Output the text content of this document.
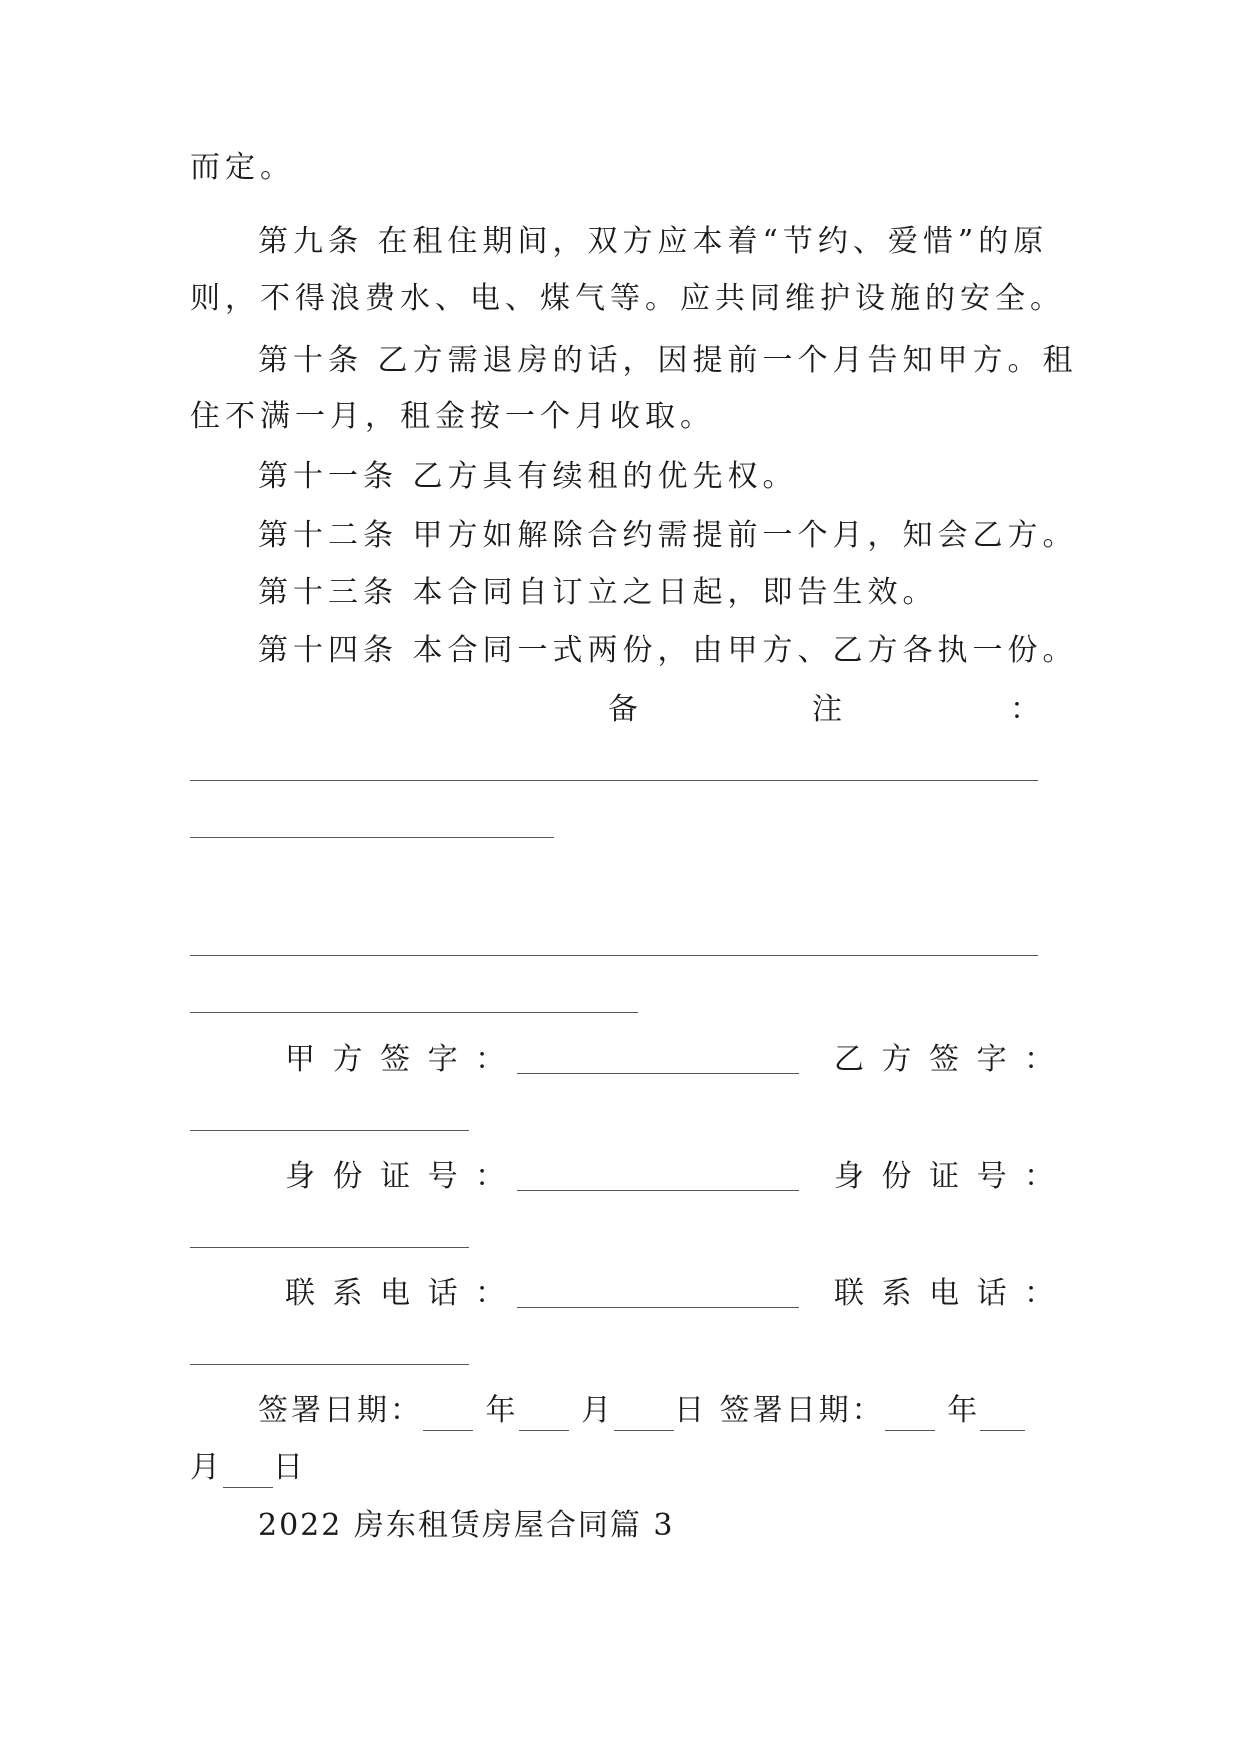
而定。
第九条 在租住期间，双方应本着“节约、爱惜”的原
则，不得浪费水、电、煤气等。应共同维护设施的安全。
第十条 乙方需退房的话，因提前一个月告知甲方。租
住不满一月，租金按一个月收取。
第十一条 乙方具有续租的优先权。
第十二条 甲方如解除合约需提前一个月，知会乙方。
第十三条 本合同自订立之日起，即告生效。
第十四条 本合同一式两份，由甲方、乙方各执一份。
备	注	：
甲 方 签 字 ：	乙 方 签 字 ：
身 份 证 号 ：	身 份 证 号 ：
联 系 电 话 ：	联 系 电 话 ：
签署日期： 年 月 日 签署日期： 年
月 日
2022 房东租赁房屋合同篇 3
